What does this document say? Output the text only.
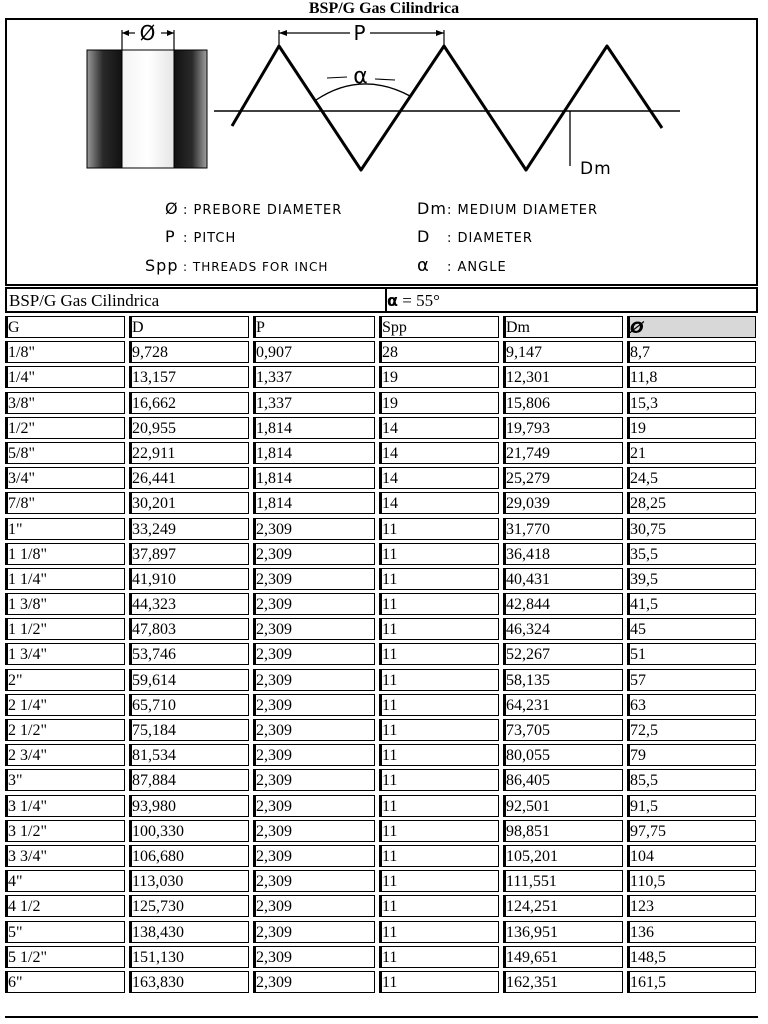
BSP/G Gas Cilindrica
Ø	P
α
Dm
Ø : PREBORE DIAMETER
P : PITCH
Spp : THREADS FOR INCH
Dm : MEDIUM DIAMETER
D : DIAMETER
α : ANGLE
BSP/G Gas Cilindrica	α = 55°
G	D	P	Spp	Dm	Ø
1/8"	9,728	0,907	28	9,147	8,7
1/4"	13,157	1,337	19	12,301	11,8
3/8"	16,662	1,337	19	15,806	15,3
1/2"	20,955	1,814	14	19,793	19
5/8"	22,911	1,814	14	21,749	21
3/4"	26,441	1,814	14	25,279	24,5
7/8"	30,201	1,814	14	29,039	28,25
1"	33,249	2,309	11	31,770	30,75
1 1/8"	37,897	2,309	11	36,418	35,5
1 1/4"	41,910	2,309	11	40,431	39,5
1 3/8"	44,323	2,309	11	42,844	41,5
1 1/2"	47,803	2,309	11	46,324	45
1 3/4"	53,746	2,309	11	52,267	51
2"	59,614	2,309	11	58,135	57
2 1/4"	65,710	2,309	11	64,231	63
2 1/2"	75,184	2,309	11	73,705	72,5
2 3/4"	81,534	2,309	11	80,055	79
3"	87,884	2,309	11	86,405	85,5
3 1/4"	93,980	2,309	11	92,501	91,5
3 1/2"	100,330	2,309	11	98,851	97,75
3 3/4"	106,680	2,309	11	105,201	104
4"	113,030	2,309	11	111,551	110,5
4 1/2	125,730	2,309	11	124,251	123
5"	138,430	2,309	11	136,951	136
5 1/2"	151,130	2,309	11	149,651	148,5
6"	163,830	2,309	11	162,351	161,5
